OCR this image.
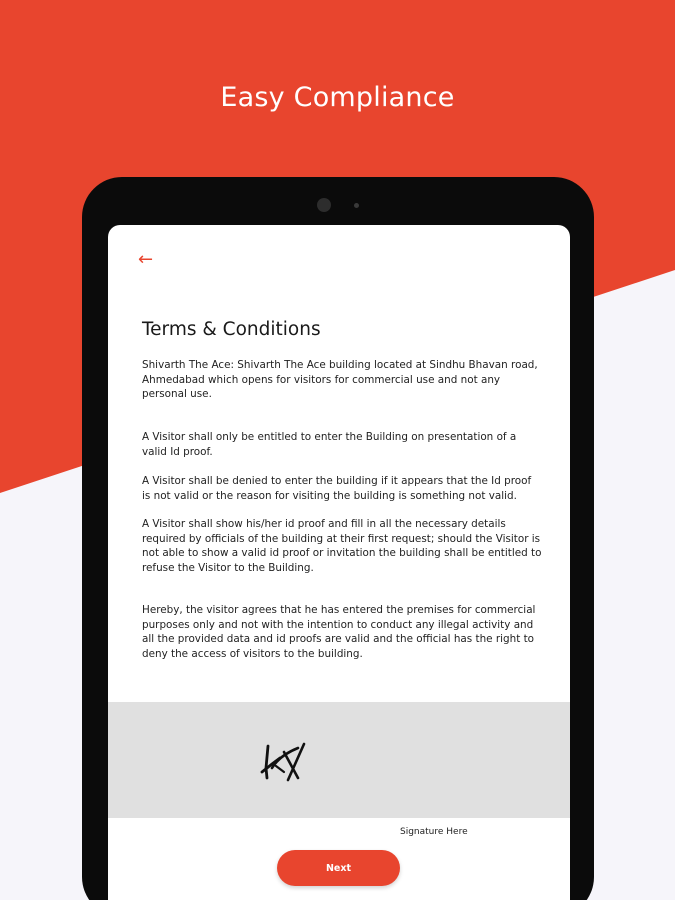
Easy Compliance
←
Terms & Conditions

Shivarth The Ace: Shivarth The Ace building located at Sindhu Bhavan road, Ahmedabad which opens for visitors for commercial use and not any personal use.

A Visitor shall only be entitled to enter the Building on presentation of a valid Id proof.

A Visitor shall be denied to enter the building if it appears that the Id proof is not valid or the reason for visiting the building is something not valid.

A Visitor shall show his/her id proof and fill in all the necessary details required by officials of the building at their first request; should the Visitor is not able to show a valid id proof or invitation the building shall be entitled to refuse the Visitor to the Building.

Hereby, the visitor agrees that he has entered the premises for commercial purposes only and not with the intention to conduct any illegal activity and all the provided data and id proofs are valid and the official has the right to deny the access of visitors to the building.

Signature Here
Next
